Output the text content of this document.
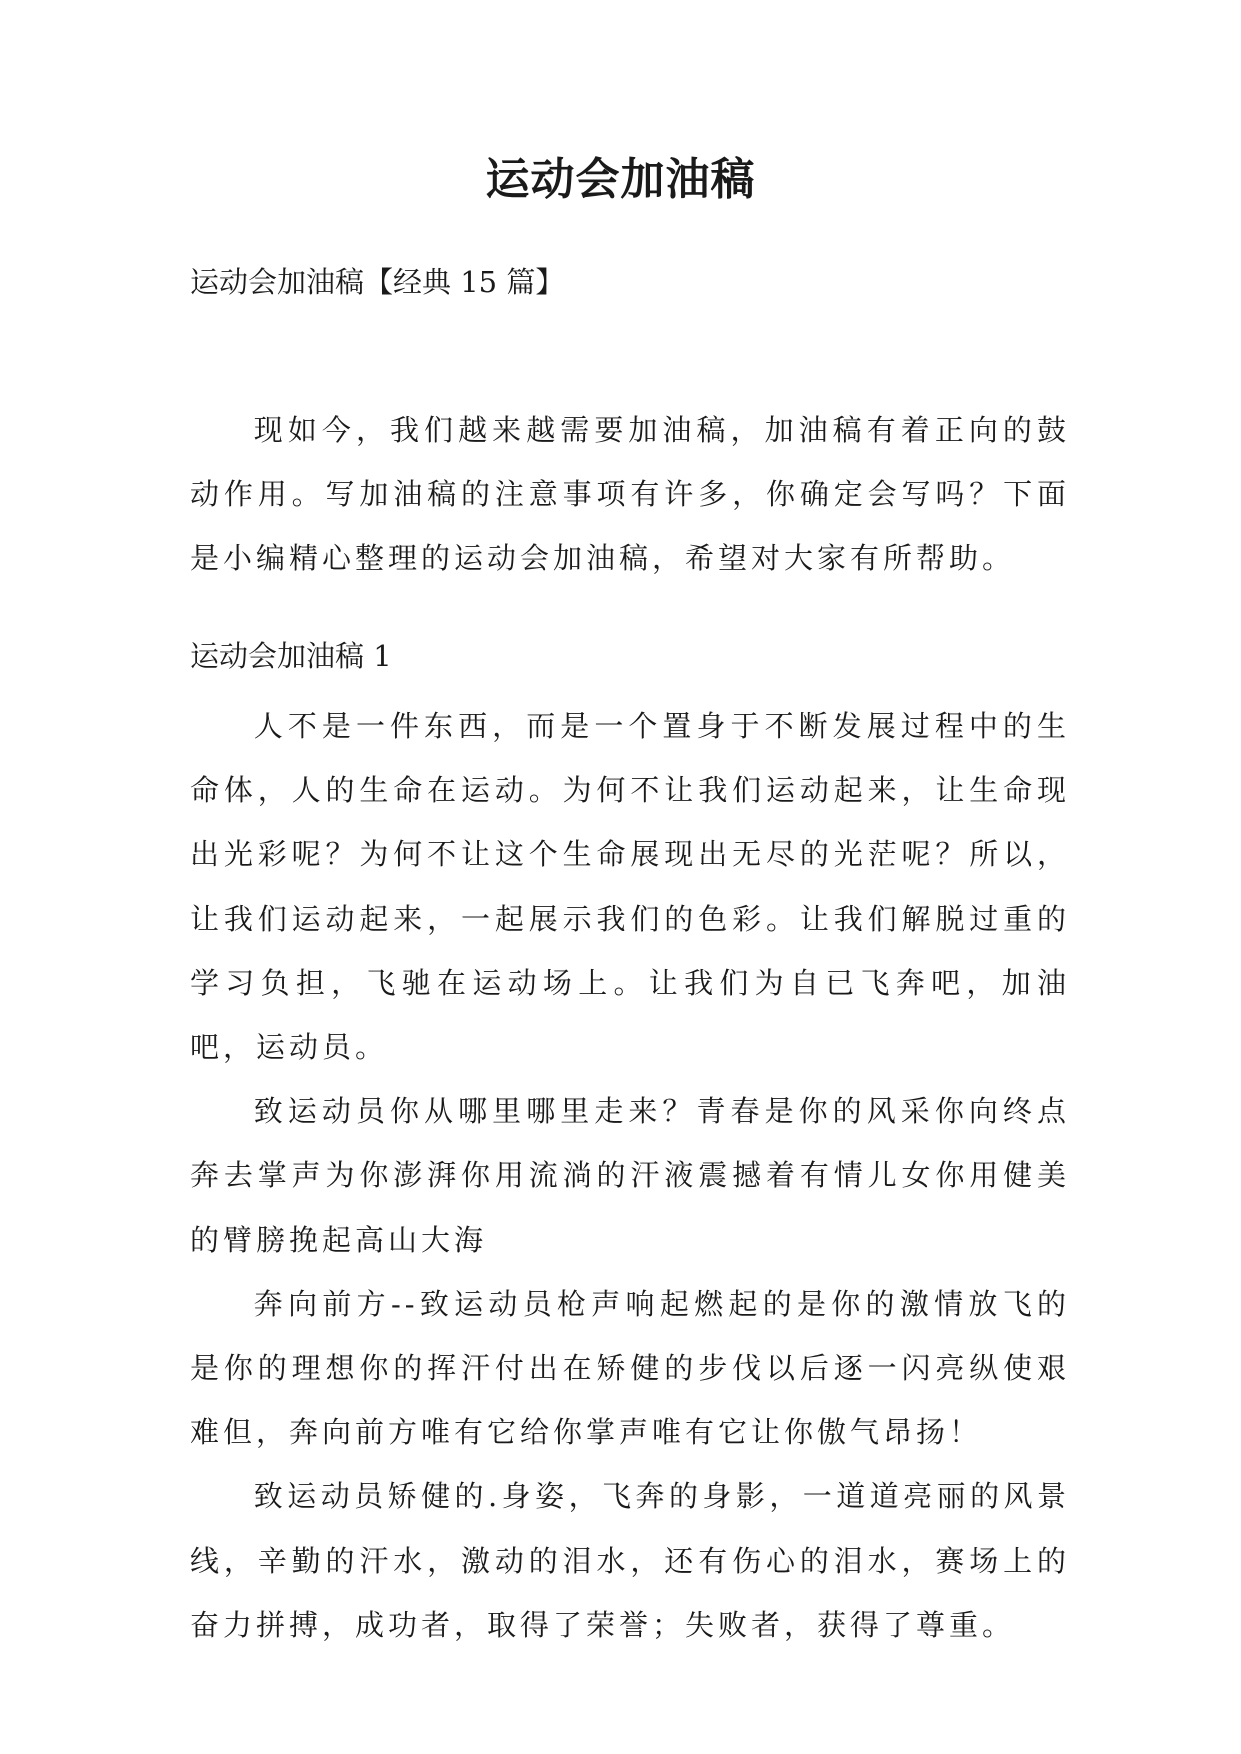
运动会加油稿
运动会加油稿【经典 15 篇】

现如今，我们越来越需要加油稿，加油稿有着正向的鼓动作用。写加油稿的注意事项有许多，你确定会写吗？下面是小编精心整理的运动会加油稿，希望对大家有所帮助。

运动会加油稿 1

人不是一件东西，而是一个置身于不断发展过程中的生命体，人的生命在运动。为何不让我们运动起来，让生命现出光彩呢？为何不让这个生命展现出无尽的光茫呢？所以，让我们运动起来，一起展示我们的色彩。让我们解脱过重的学习负担，飞驰在运动场上。让我们为自已飞奔吧，加油吧，运动员。

致运动员你从哪里哪里走来？青春是你的风采你向终点奔去掌声为你澎湃你用流淌的汗液震撼着有情儿女你用健美的臂膀挽起高山大海

奔向前方--致运动员枪声响起燃起的是你的激情放飞的是你的理想你的挥汗付出在矫健的步伐以后逐一闪亮纵使艰难但，奔向前方唯有它给你掌声唯有它让你傲气昂扬！

致运动员矫健的.身姿，飞奔的身影，一道道亮丽的风景线，辛勤的汗水，激动的泪水，还有伤心的泪水，赛场上的奋力拼搏，成功者，取得了荣誉；失败者，获得了尊重。
